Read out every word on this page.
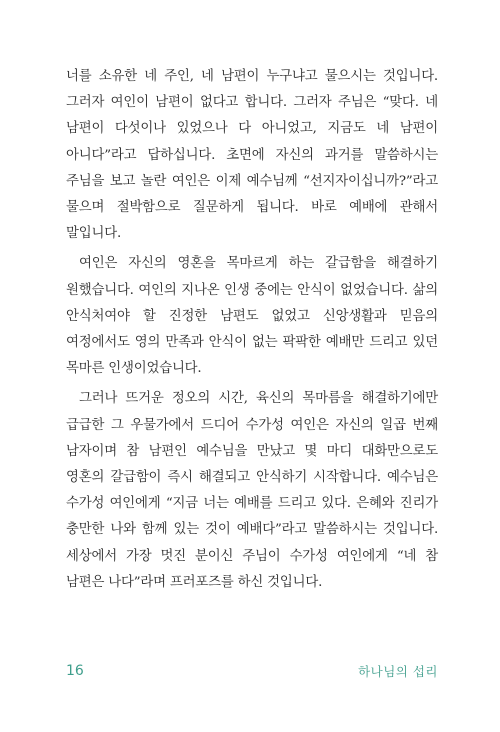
너를 소유한 네 주인, 네 남편이 누구냐고 물으시는 것입니다. 그러자 여인이 남편이 없다고 합니다. 그러자 주님은 “맞다. 네 남편이 다섯이나 있었으나 다 아니었고, 지금도 네 남편이 아니다”라고 답하십니다. 초면에 자신의 과거를 말씀하시는 주님을 보고 놀란 여인은 이제 예수님께 “선지자이십니까?”라고 물으며 절박함으로 질문하게 됩니다. 바로 예배에 관해서 말입니다.

여인은 자신의 영혼을 목마르게 하는 갈급함을 해결하기 원했습니다. 여인의 지나온 인생 중에는 안식이 없었습니다. 삶의 안식처여야 할 진정한 남편도 없었고 신앙생활과 믿음의 여정에서도 영의 만족과 안식이 없는 팍팍한 예배만 드리고 있던 목마른 인생이었습니다.

그러나 뜨거운 정오의 시간, 육신의 목마름을 해결하기에만 급급한 그 우물가에서 드디어 수가성 여인은 자신의 일곱 번째 남자이며 참 남편인 예수님을 만났고 몇 마디 대화만으로도 영혼의 갈급함이 즉시 해결되고 안식하기 시작합니다. 예수님은 수가성 여인에게 “지금 너는 예배를 드리고 있다. 은혜와 진리가 충만한 나와 함께 있는 것이 예배다”라고 말씀하시는 것입니다. 세상에서 가장 멋진 분이신 주님이 수가성 여인에게 “네 참 남편은 나다”라며 프러포즈를 하신 것입니다.

16	하나님의 섭리
